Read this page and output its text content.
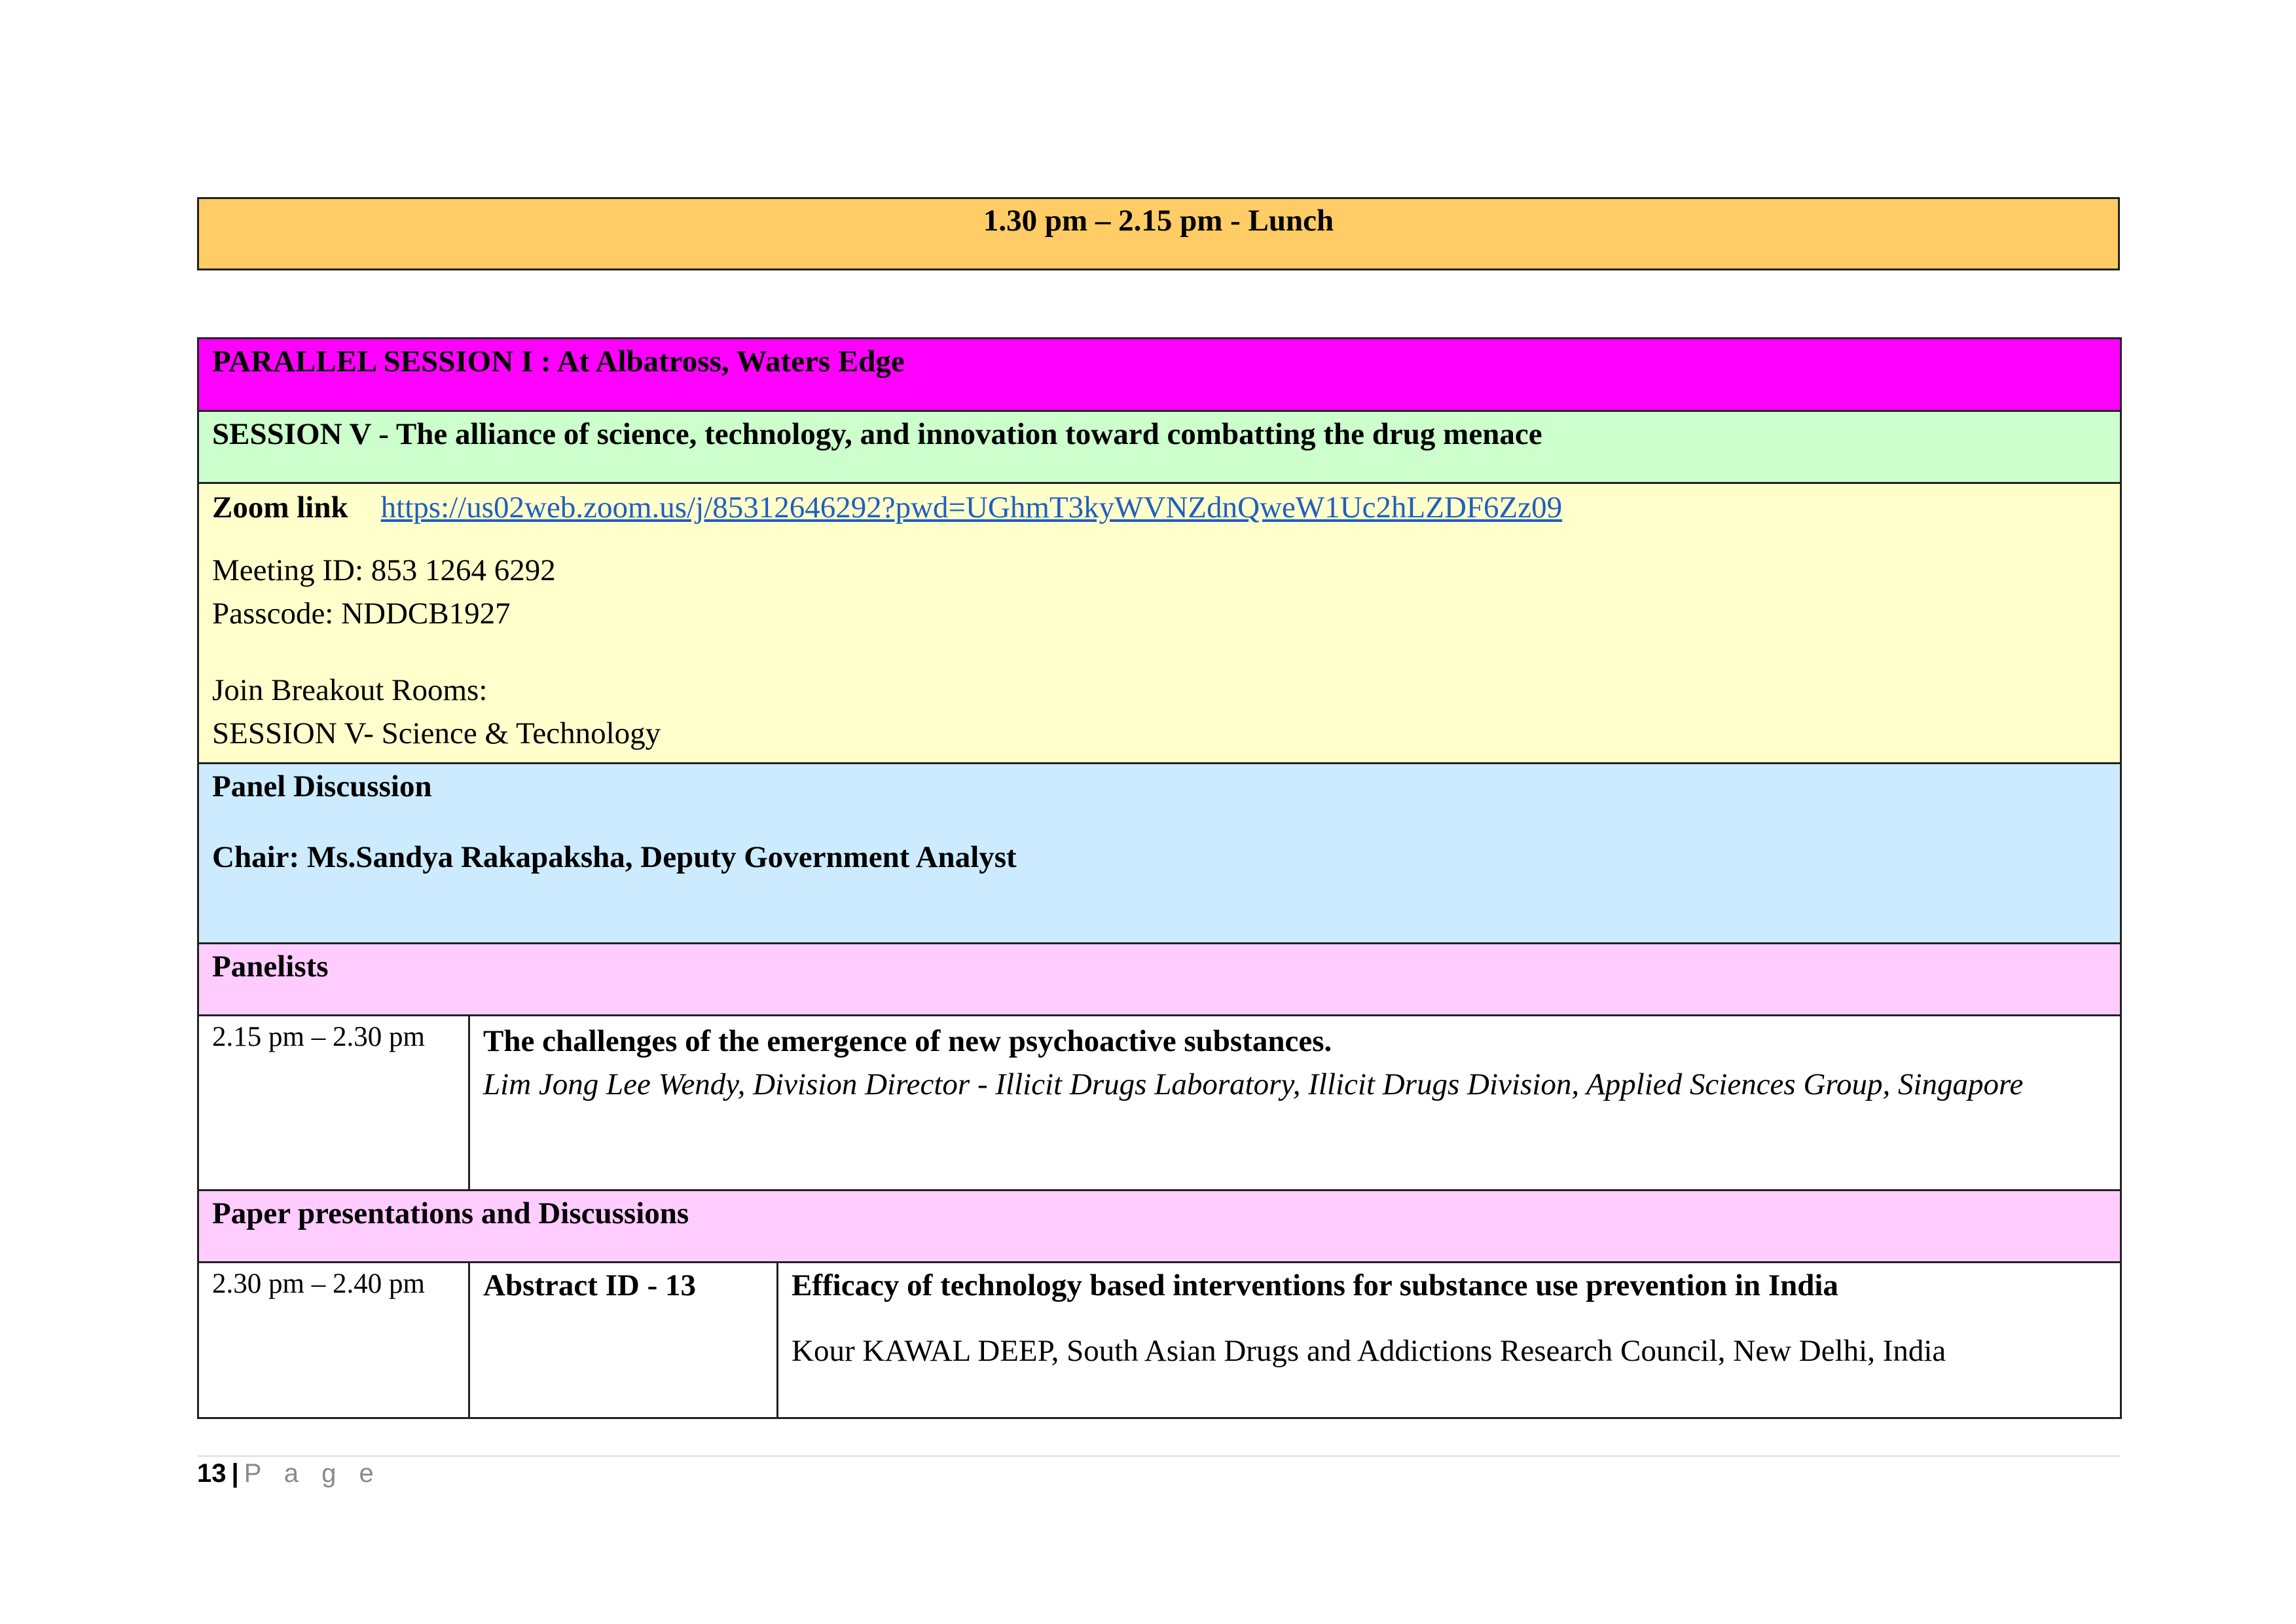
1.30 pm – 2.15 pm - Lunch
PARALLEL SESSION I : At Albatross, Waters Edge		
SESSION V - The alliance of science, technology, and innovation toward combatting the drug menace		

Zoom link https://us02web.zoom.us/j/85312646292?pwd=UGhmT3kyWVNZdnQweW1Uc2hLZDF6Zz09
Meeting ID: 853 1264 6292
Passcode: NDDCB1927
Join Breakout Rooms:
SESSION V- Science & Technology		

Panel Discussion
Chair: Ms.Sandya Rakapaksha, Deputy Government Analyst		

Panelists		
2.15 pm – 2.30 pm	The challenges of the emergence of new psychoactive substances.
Lim Jong Lee Wendy, Division Director - Illicit Drugs Laboratory, Illicit Drugs Division, Applied Sciences Group, Singapore	

Paper presentations and Discussions		
2.30 pm – 2.40 pm	Abstract ID - 13	Efficacy of technology based interventions for substance use prevention in India
Kour KAWAL DEEP, South Asian Drugs and Addictions Research Council, New Delhi, India
13 | P a g e
